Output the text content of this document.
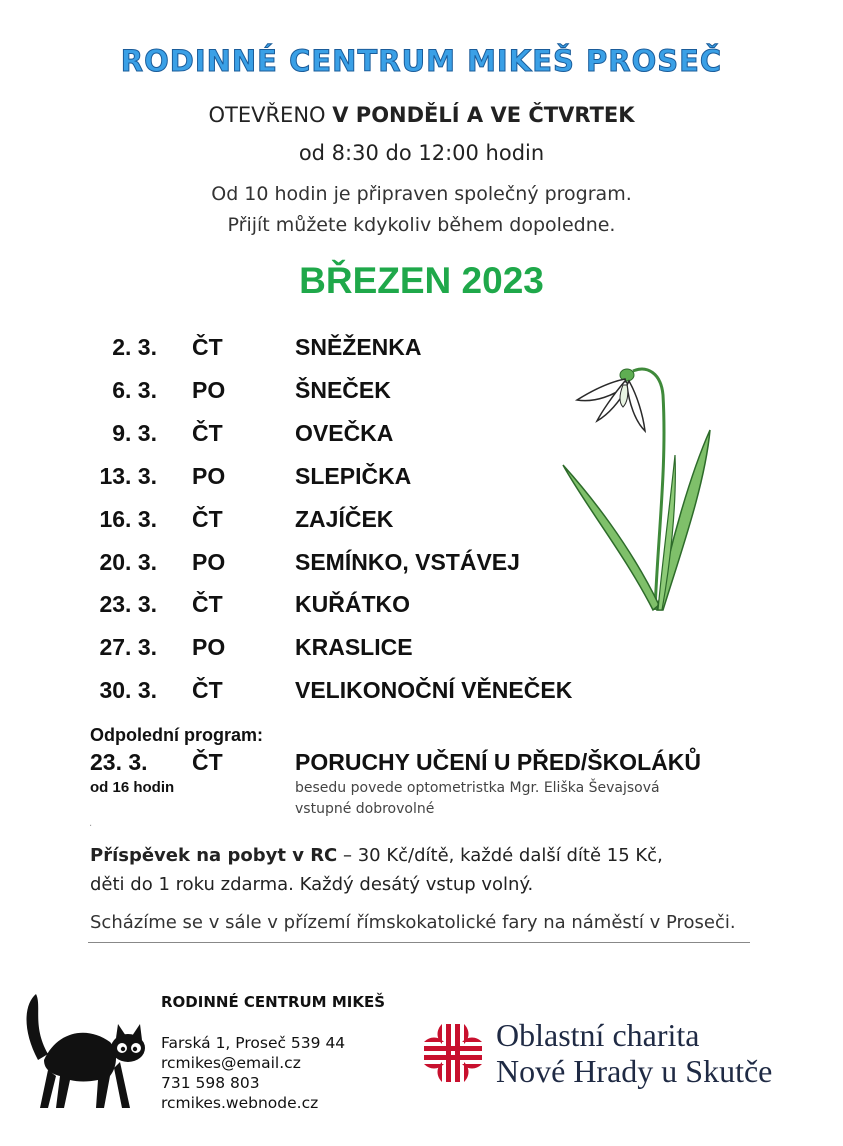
RODINNÉ CENTRUM MIKEŠ PROSEČ
OTEVŘENO V PONDĚLÍ A VE ČTVRTEK
od 8:30 do 12:00 hodin
Od 10 hodin je připraven společný program.
Přijít můžete kdykoliv během dopoledne.
BŘEZEN 2023
2. 3. ČT	SNĚŽENKA
6. 3. PO	ŠNEČEK
9. 3. ČT	OVEČKA
13. 3. PO	SLEPIČKA
16. 3. ČT	ZAJÍČEK
20. 3. PO	SEMÍNKO, VSTÁVEJ
23. 3. ČT	KUŘÁTKO
27. 3. PO	KRASLICE
30. 3. ČT	VELIKONOČNÍ VĚNEČEK
Odpolední program:
23. 3. ČT	PORUCHY UČENÍ U PŘED/ŠKOLÁKŮ
od 16 hodin	besedu povede optometristka Mgr. Eliška Ševajsová
vstupné dobrovolné
.
Příspěvek na pobyt v RC – 30 Kč/dítě, každé další dítě 15 Kč,
děti do 1 roku zdarma. Každý desátý vstup volný.
Scházíme se v sále v přízemí římskokatolické fary na náměstí v Proseči.
RODINNÉ CENTRUM MIKEŠ
Farská 1, Proseč 539 44
rcmikes@email.cz
731 598 803
rcmikes.webnode.cz
Oblastní charita
Nové Hrady u Skutče
